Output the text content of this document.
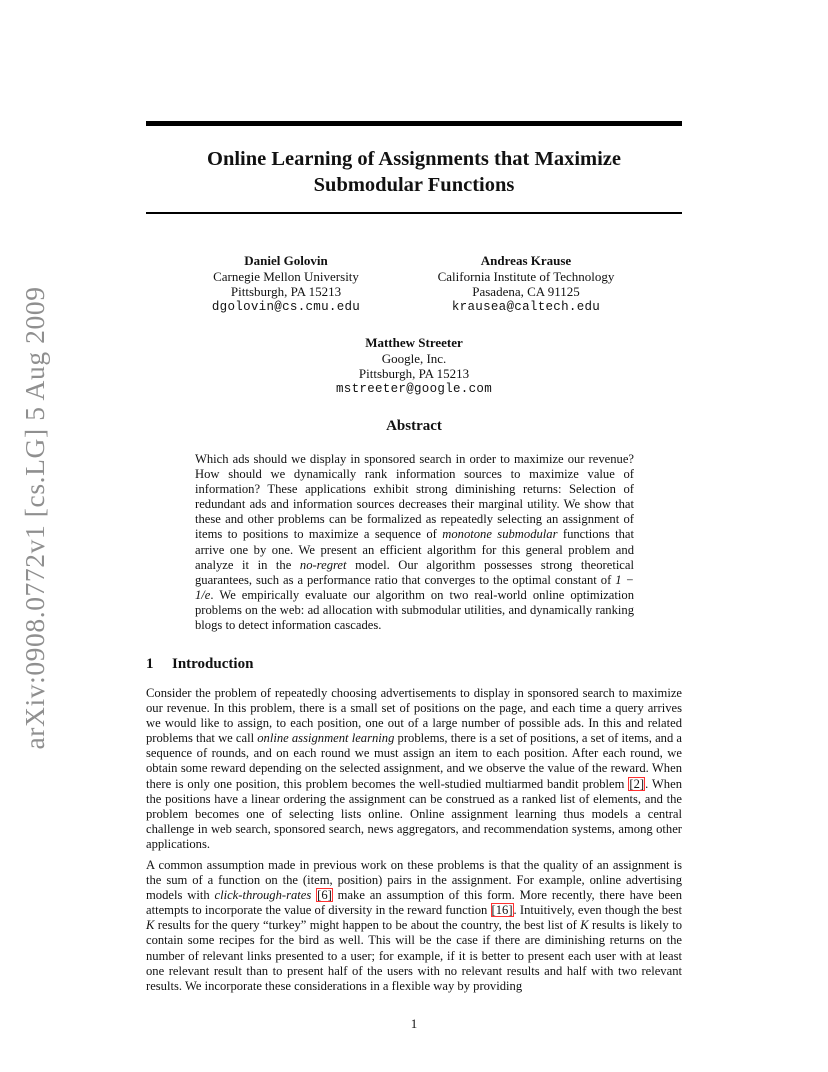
arXiv:0908.0772v1 [cs.LG] 5 Aug 2009
Online Learning of Assignments that Maximize
Submodular Functions
Daniel Golovin
Carnegie Mellon University
Pittsburgh, PA 15213
dgolovin@cs.cmu.edu
Andreas Krause
California Institute of Technology
Pasadena, CA 91125
krausea@caltech.edu
Matthew Streeter
Google, Inc.
Pittsburgh, PA 15213
mstreeter@google.com
Abstract
Which ads should we display in sponsored search in order to maximize our revenue? How should we dynamically rank information sources to maximize value of information? These applications exhibit strong diminishing returns: Selection of redundant ads and information sources decreases their marginal utility. We show that these and other problems can be formalized as repeatedly selecting an assignment of items to positions to maximize a sequence of monotone submodular functions that arrive one by one. We present an efficient algorithm for this general problem and analyze it in the no-regret model. Our algorithm possesses strong theoretical guarantees, such as a performance ratio that converges to the optimal constant of 1 − 1/e. We empirically evaluate our algorithm on two real-world online optimization problems on the web: ad allocation with submodular utilities, and dynamically ranking blogs to detect information cascades.
1 Introduction
Consider the problem of repeatedly choosing advertisements to display in sponsored search to maximize our revenue. In this problem, there is a small set of positions on the page, and each time a query arrives we would like to assign, to each position, one out of a large number of possible ads. In this and related problems that we call online assignment learning problems, there is a set of positions, a set of items, and a sequence of rounds, and on each round we must assign an item to each position. After each round, we obtain some reward depending on the selected assignment, and we observe the value of the reward. When there is only one position, this problem becomes the well-studied multiarmed bandit problem [2]. When the positions have a linear ordering the assignment can be construed as a ranked list of elements, and the problem becomes one of selecting lists online. Online assignment learning thus models a central challenge in web search, sponsored search, news aggregators, and recommendation systems, among other applications.
A common assumption made in previous work on these problems is that the quality of an assignment is the sum of a function on the (item, position) pairs in the assignment. For example, online advertising models with click-through-rates [6] make an assumption of this form. More recently, there have been attempts to incorporate the value of diversity in the reward function [16]. Intuitively, even though the best K results for the query “turkey” might happen to be about the country, the best list of K results is likely to contain some recipes for the bird as well. This will be the case if there are diminishing returns on the number of relevant links presented to a user; for example, if it is better to present each user with at least one relevant result than to present half of the users with no relevant results and half with two relevant results. We incorporate these considerations in a flexible way by providing
1
